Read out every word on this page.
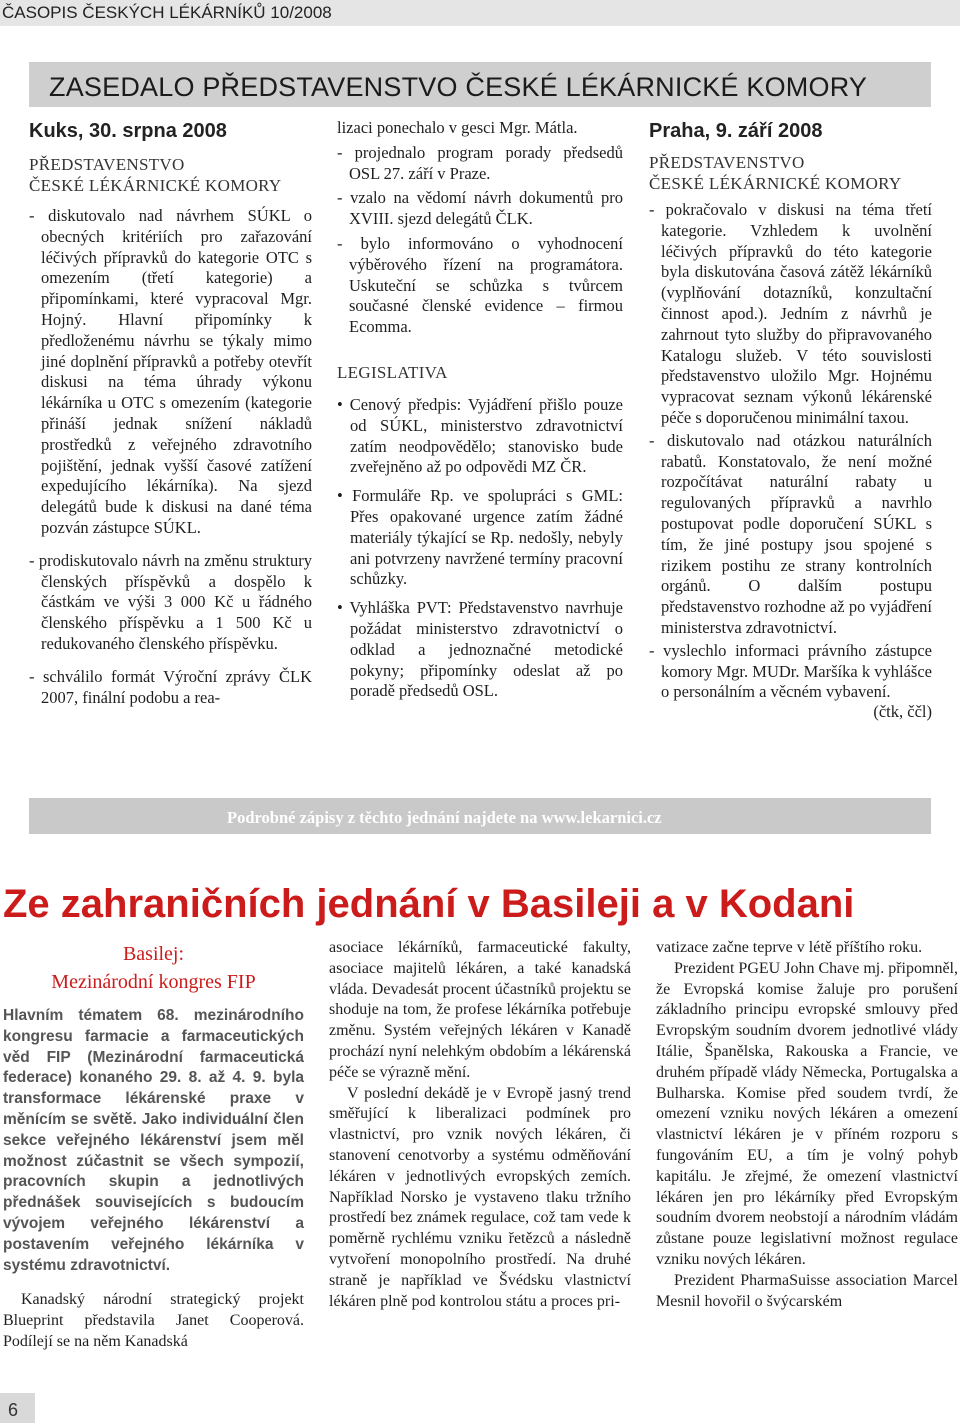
ČASOPIS ČESKÝCH LÉKÁRNÍKŮ 10/2008
ZASEDALO PŘEDSTAVENSTVO ČESKÉ LÉKÁRNICKÉ KOMORY
Kuks, 30. srpna 2008
PŘEDSTAVENSTVO
ČESKÉ LÉKÁRNICKÉ KOMORY

- diskutovalo nad návrhem SÚKL o obecných kritériích pro zařazování léčivých přípravků do kategorie OTC s omezením (třetí kategorie) a připomínkami, které vypracoval Mgr. Hojný. Hlavní připomínky k předloženému návrhu se týkaly mimo jiné doplnění přípravků a potřeby otevřít diskusi na téma úhrady výkonu lékárníka u OTC s omezením (kategorie přináší jednak snížení nákladů prostředků z veřejného zdravotního pojištění, jednak vyšší časové zatížení expedujícího lékárníka). Na sjezd delegátů bude k diskusi na dané téma pozván zástupce SÚKL.

- prodiskutovalo návrh na změnu struktury členských příspěvků a dospělo k částkám ve výši 3 000 Kč u řádného členského příspěvku a 1 500 Kč u redukovaného členského příspěvku.

- schválilo formát Výroční zprávy ČLK 2007, finální podobu a rea-

lizaci ponechalo v gesci Mgr. Mátla.

- projednalo program porady předsedů OSL 27. září v Praze.

- vzalo na vědomí návrh dokumentů pro XVIII. sjezd delegátů ČLK.

- bylo informováno o vyhodnocení výběrového řízení na programátora. Uskuteční se schůzka s tvůrcem současné členské evidence – firmou Ecomma.

LEGISLATIVA

• Cenový předpis: Vyjádření přišlo pouze od SÚKL, ministerstvo zdravotnictví zatím neodpovědělo; stanovisko bude zveřejněno až po odpovědi MZ ČR.

• Formuláře Rp. ve spolupráci s GML: Přes opakované urgence zatím žádné materiály týkající se Rp. nedošly, nebyly ani potvrzeny navržené termíny pracovní schůzky.

• Vyhláška PVT: Představenstvo navrhuje požádat ministerstvo zdravotnictví o odklad a jednoznačné metodické pokyny; připomínky odeslat až po poradě předsedů OSL.

Praha, 9. září 2008
PŘEDSTAVENSTVO
ČESKÉ LÉKÁRNICKÉ KOMORY

- pokračovalo v diskusi na téma třetí kategorie. Vzhledem k uvolnění léčivých přípravků do této kategorie byla diskutována časová zátěž lékárníků (vyplňování dotazníků, konzultační činnost apod.). Jedním z návrhů je zahrnout tyto služby do připravovaného Katalogu služeb. V této souvislosti představenstvo uložilo Mgr. Hojnému vypracovat seznam výkonů lékárenské péče s doporučenou minimální taxou.

- diskutovalo nad otázkou naturálních rabatů. Konstatovalo, že není možné rozpočítávat naturální rabaty u regulovaných přípravků a navrhlo postupovat podle doporučení SÚKL s tím, že jiné postupy jsou spojené s rizikem postihu ze strany kontrolních orgánů. O dalším postupu představenstvo rozhodne až po vyjádření ministerstva zdravotnictví.

- vyslechlo informaci právního zástupce komory Mgr. MUDr. Maršíka k vyhlášce o personálním a věcném vybavení.

(čtk, ččl)
Podrobné zápisy z těchto jednání najdete na www.lekarnici.cz
Ze zahraničních jednání v Basileji a v Kodani
Basilej:
Mezinárodní kongres FIP
Hlavním tématem 68. mezinárodního kongresu farmacie a farmaceutických věd FIP (Mezinárodní farmaceutická federace) konaného 29. 8. až 4. 9. byla transformace lékárenské praxe v měnícím se světě. Jako individuální člen sekce veřejného lékárenství jsem měl možnost zúčastnit se všech sympozií, pracovních skupin a jednotlivých přednášek souvisejících s budoucím vývojem veřejného lékárenství a postavením veřejného lékárníka v systému zdravotnictví.

Kanadský národní strategický projekt Blueprint představila Janet Cooperová. Podílejí se na něm Kanadská

asociace lékárníků, farmaceutické fakulty, asociace majitelů lékáren, a také kanadská vláda. Devadesát procent účastníků projektu se shoduje na tom, že profese lékárníka potřebuje změnu. Systém veřejných lékáren v Kanadě prochází nyní nelehkým obdobím a lékárenská péče se výrazně mění.

V poslední dekádě je v Evropě jasný trend směřující k liberalizaci podmínek pro vlastnictví, pro vznik nových lékáren, či stanovení cenotvorby a systému odměňování lékáren v jednotlivých evropských zemích. Například Norsko je vystaveno tlaku tržního prostředí bez známek regulace, což tam vede k poměrně rychlému vzniku řetězců a následně vytvoření monopolního prostředí. Na druhé straně je například ve Švédsku vlastnictví lékáren plně pod kontrolou státu a proces pri-

vatizace začne teprve v létě příštího roku.

Prezident PGEU John Chave mj. připomněl, že Evropská komise žaluje pro porušení základního principu evropské smlouvy před Evropským soudním dvorem jednotlivé vlády Itálie, Španělska, Rakouska a Francie, ve druhém případě vlády Německa, Portugalska a Bulharska. Komise před soudem tvrdí, že omezení vzniku nových lékáren a omezení vlastnictví lékáren je v příném rozporu s fungováním EU, a tím je volný pohyb kapitálu. Je zřejmé, že omezení vlastnictví lékáren jen pro lékárníky před Evropským soudním dvorem neobstojí a národním vládám zůstane pouze legislativní možnost regulace vzniku nových lékáren.

Prezident PharmaSuisse association Marcel Mesnil hovořil o švýcarském

6
